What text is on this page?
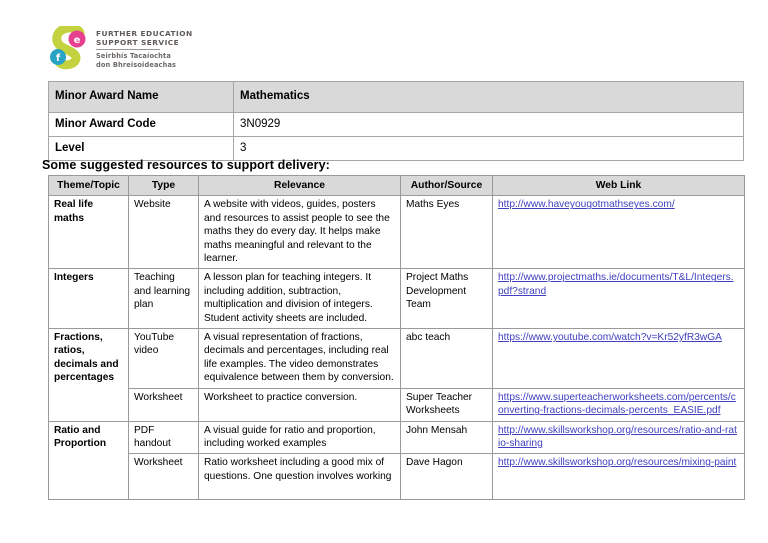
e
f
FURTHER EDUCATION
SUPPORT SERVICE
Seirbhís Tacaíochta
don Bhreisoideachas
Minor Award Name	Mathematics
Minor Award Code	3N0929
Level	3
Some suggested resources to support delivery:
Theme/Topic	Type	Relevance	Author/Source	Web Link
Real life maths	Website	A website with videos, guides, posters and resources to assist people to see the maths they do every day. It helps make maths meaningful and relevant to the learner.	Maths Eyes	http://www.haveyougotmathseyes.com/
Integers	Teaching and learning plan	A lesson plan for teaching integers. It including addition, subtraction, multiplication and division of integers. Student activity sheets are included.	Project Maths Development Team	http://www.projectmaths.ie/documents/T&L/Integers.pdf?strand
Fractions, ratios, decimals and percentages	YouTube video	A visual representation of fractions, decimals and percentages, including real life examples. The video demonstrates equivalence between them by conversion.	abc teach	https://www.youtube.com/watch?v=Kr52yfR3wGA
	Worksheet	Worksheet to practice conversion.	Super Teacher Worksheets	https://www.superteacherworksheets.com/percents/converting-fractions-decimals-percents_EASIE.pdf
Ratio and Proportion	PDF handout	A visual guide for ratio and proportion, including worked examples	John Mensah	http://www.skillsworkshop.org/resources/ratio-and-ratio-sharing
	Worksheet	Ratio worksheet including a good mix of questions. One question involves working	Dave Hagon	http://www.skillsworkshop.org/resources/mixing-paint
